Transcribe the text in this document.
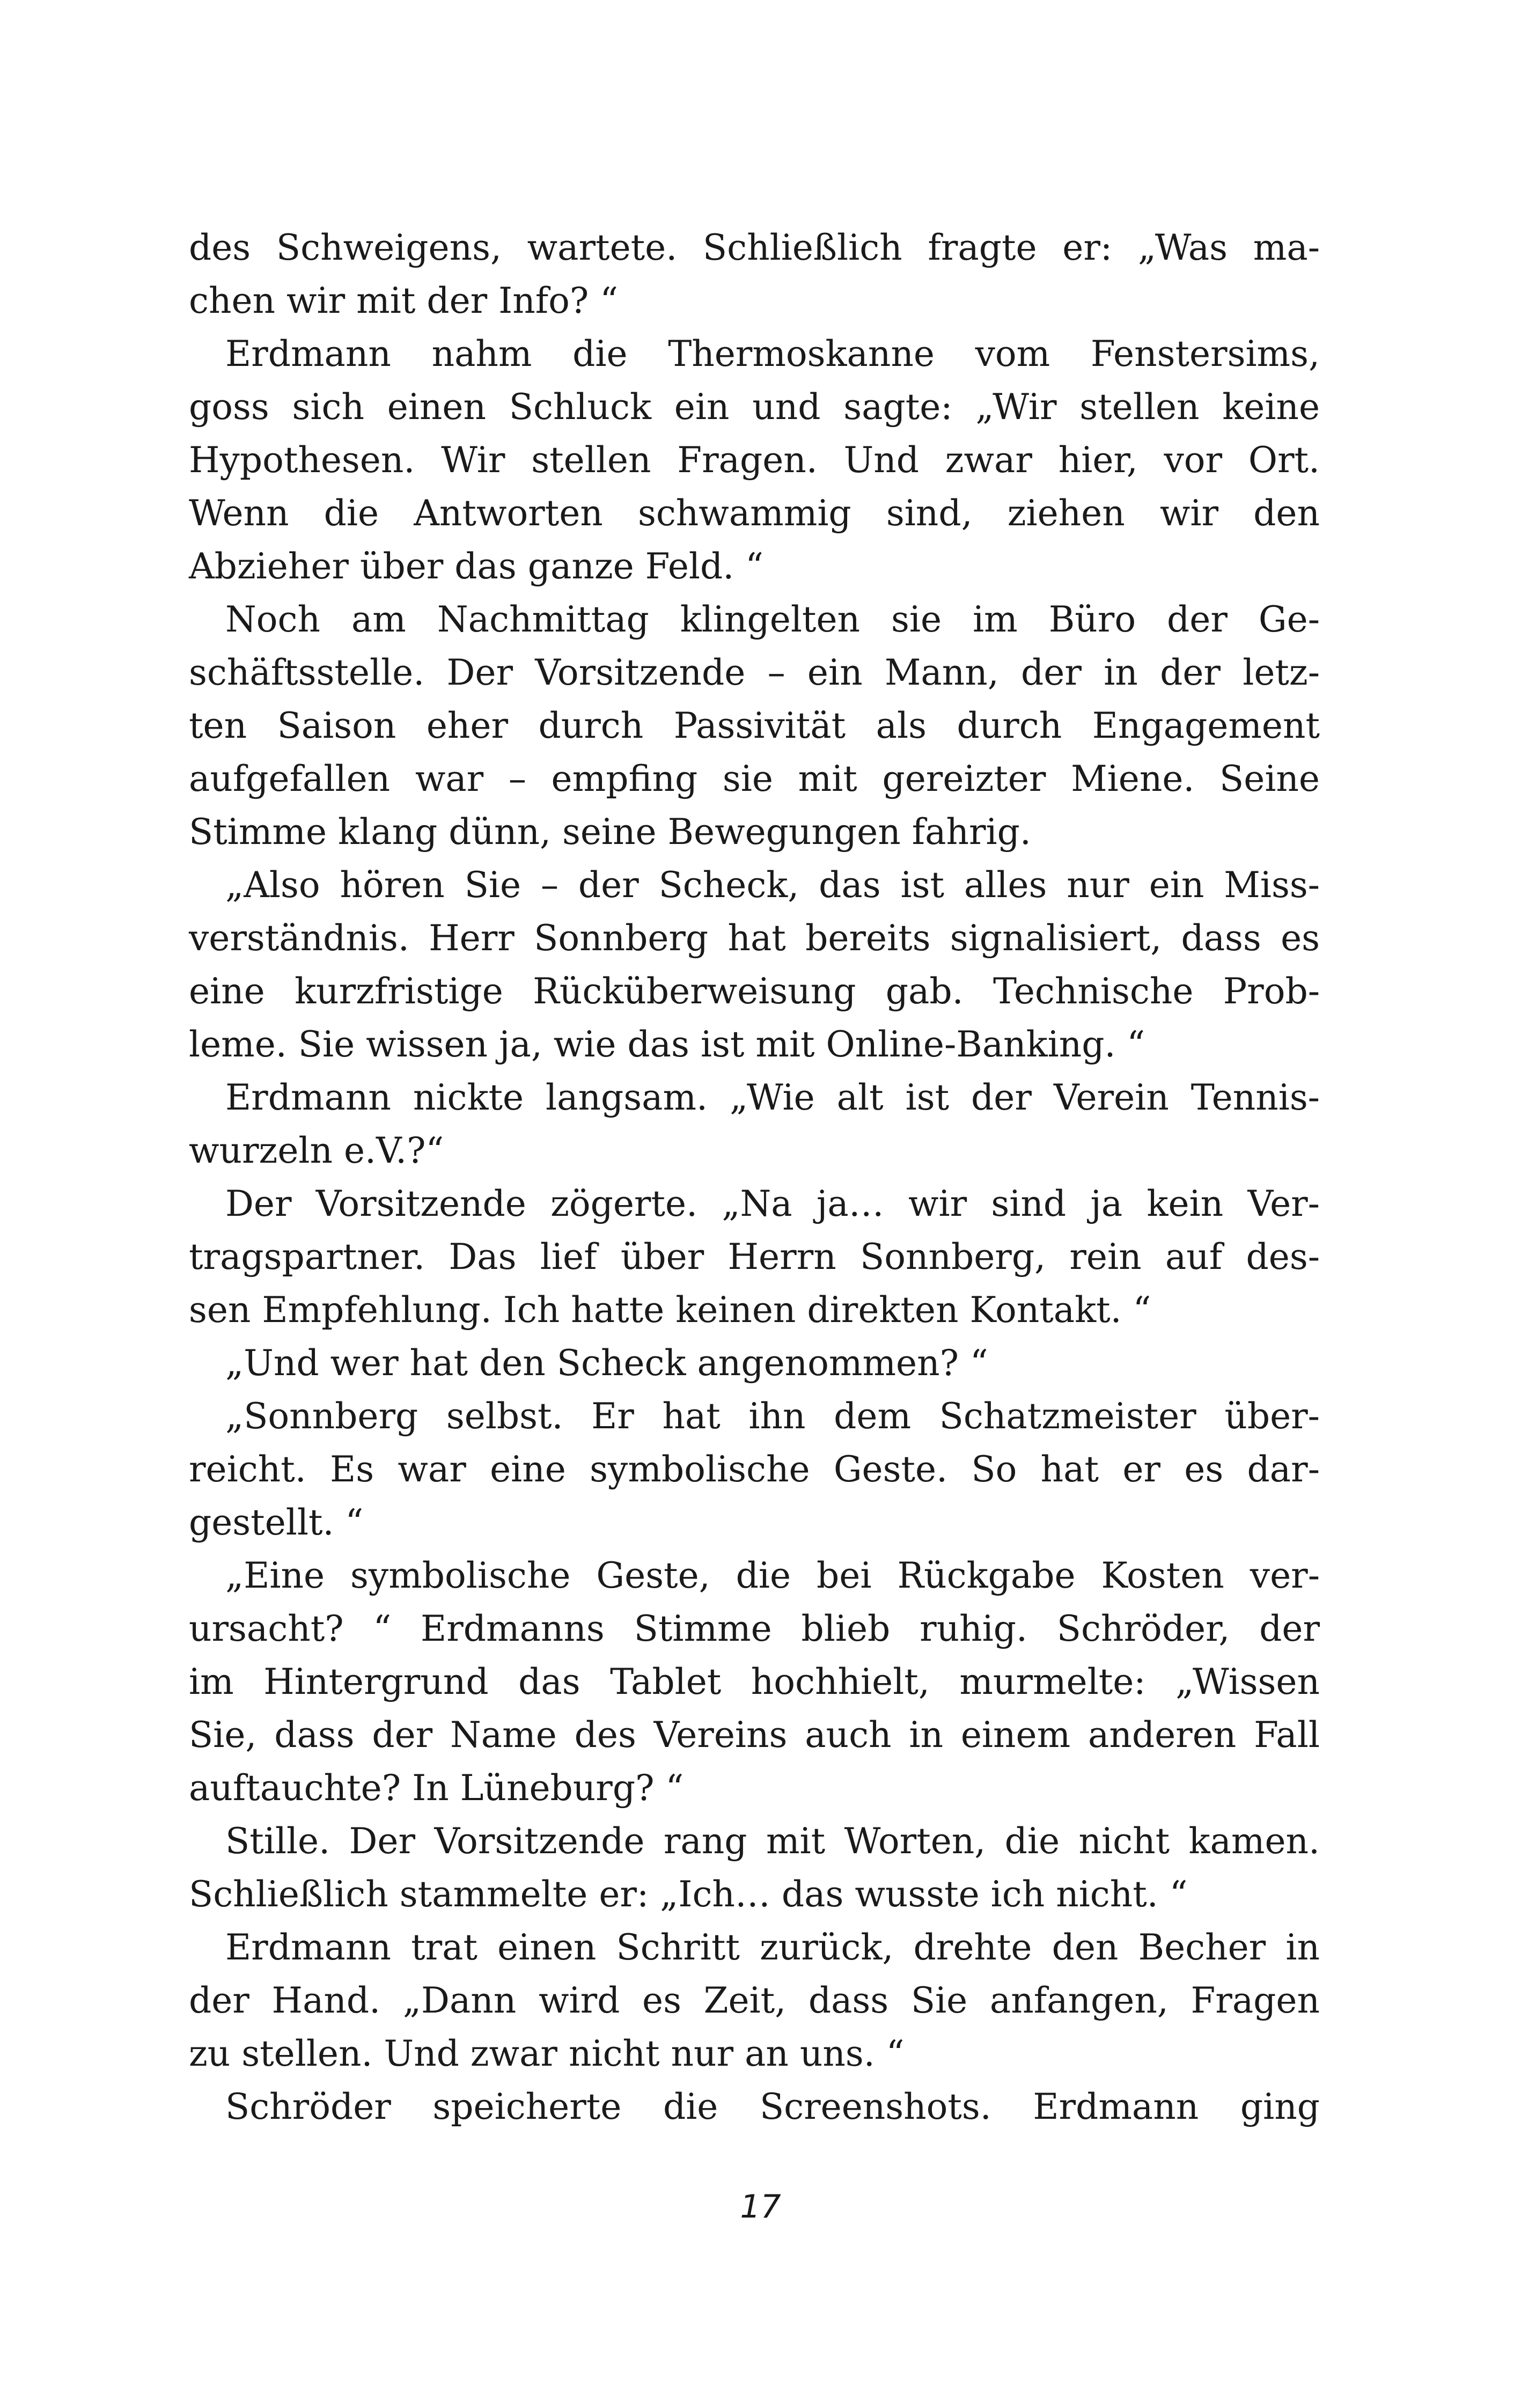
des Schweigens, wartete. Schließlich fragte er: „Was ma-
chen wir mit der Info? “
Erdmann nahm die Thermoskanne vom Fenstersims,
goss sich einen Schluck ein und sagte: „Wir stellen keine
Hypothesen. Wir stellen Fragen. Und zwar hier, vor Ort.
Wenn die Antworten schwammig sind, ziehen wir den
Abzieher über das ganze Feld. “
Noch am Nachmittag klingelten sie im Büro der Ge-
schäftsstelle. Der Vorsitzende – ein Mann, der in der letz-
ten Saison eher durch Passivität als durch Engagement
aufgefallen war – empfing sie mit gereizter Miene. Seine
Stimme klang dünn, seine Bewegungen fahrig.
„Also hören Sie – der Scheck, das ist alles nur ein Miss-
verständnis. Herr Sonnberg hat bereits signalisiert, dass es
eine kurzfristige Rücküberweisung gab. Technische Prob-
leme. Sie wissen ja, wie das ist mit Online-Banking. “
Erdmann nickte langsam. „Wie alt ist der Verein Tennis-
wurzeln e.V.?“
Der Vorsitzende zögerte. „Na ja… wir sind ja kein Ver-
tragspartner. Das lief über Herrn Sonnberg, rein auf des-
sen Empfehlung. Ich hatte keinen direkten Kontakt. “
„Und wer hat den Scheck angenommen? “
„Sonnberg selbst. Er hat ihn dem Schatzmeister über-
reicht. Es war eine symbolische Geste. So hat er es dar-
gestellt. “
„Eine symbolische Geste, die bei Rückgabe Kosten ver-
ursacht? “ Erdmanns Stimme blieb ruhig. Schröder, der
im Hintergrund das Tablet hochhielt, murmelte: „Wissen
Sie, dass der Name des Vereins auch in einem anderen Fall
auftauchte? In Lüneburg? “
Stille. Der Vorsitzende rang mit Worten, die nicht kamen.
Schließlich stammelte er: „Ich… das wusste ich nicht. “
Erdmann trat einen Schritt zurück, drehte den Becher in
der Hand. „Dann wird es Zeit, dass Sie anfangen, Fragen
zu stellen. Und zwar nicht nur an uns. “
Schröder speicherte die Screenshots. Erdmann ging
17
